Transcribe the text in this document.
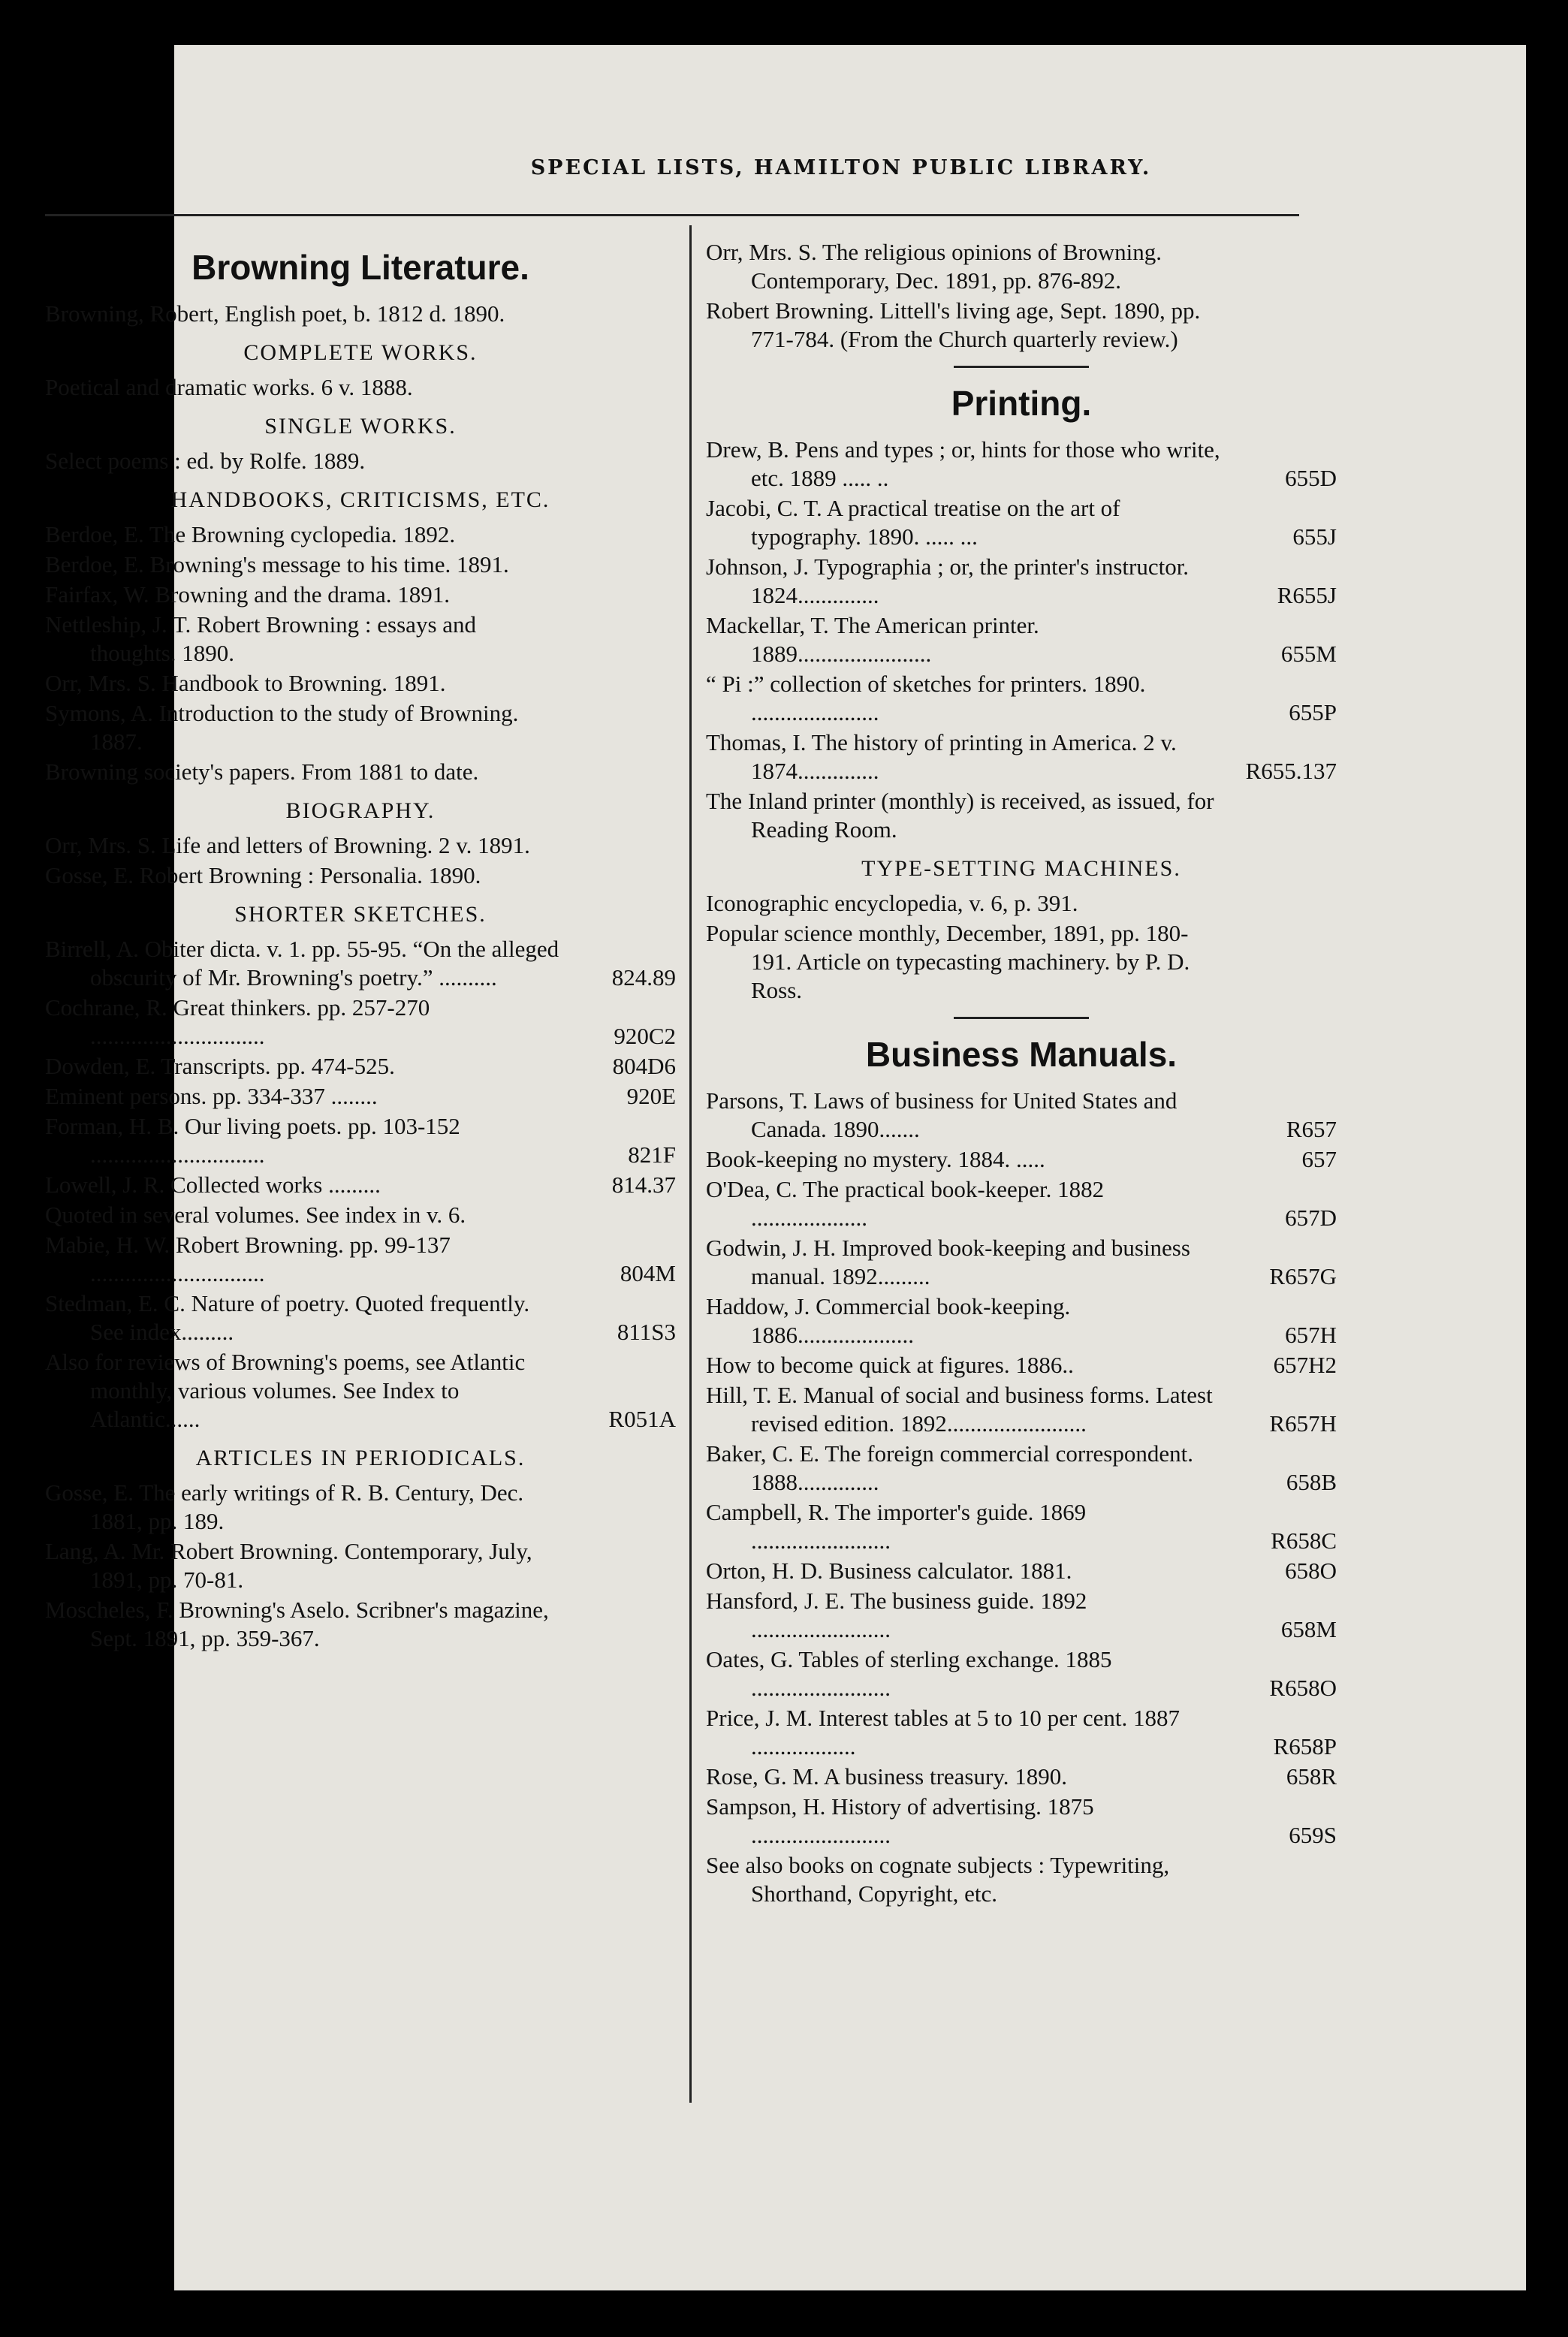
SPECIAL LISTS, HAMILTON PUBLIC LIBRARY.
Browning Literature.
Browning, Robert, English poet, b. 1812 d. 1890.
COMPLETE WORKS.
Poetical and dramatic works. 6 v. 1888.
SINGLE WORKS.
Select poems : ed. by Rolfe. 1889.
HANDBOOKS, CRITICISMS, ETC.
Berdoe, E. The Browning cyclopedia. 1892.
Berdoe, E. Browning's message to his time. 1891.
Fairfax, W. Browning and the drama. 1891.
Nettleship, J. T. Robert Browning : essays and thoughts. 1890.
Orr, Mrs. S. Handbook to Browning. 1891.
Symons, A. Introduction to the study of Browning. 1887.
Browning society's papers. From 1881 to date.
BIOGRAPHY.
Orr, Mrs. S. Life and letters of Browning. 2 v. 1891.
Gosse, E. Robert Browning : Personalia. 1890.
SHORTER SKETCHES.
Birrell, A. Obiter dicta. v. 1. pp. 55-95. “On the alleged obscurity of Mr. Browning's poetry.” ..........	824.89
Cochrane, R. Great thinkers. pp. 257-270 ..............................	920C2
Dowden, E. Transcripts. pp. 474-525.	804D6
Eminent persons. pp. 334-337 ........	920E
Forman, H. B. Our living poets. pp. 103-152 ..............................	821F
Lowell, J. R. Collected works .........	814.37
Quoted in several volumes. See index in v. 6.
Mabie, H. W. Robert Browning. pp. 99-137 ..............................	804M
Stedman, E. C. Nature of poetry. Quoted frequently. See index.........	811S3
Also for reviews of Browning's poems, see Atlantic monthly, various volumes. See Index to Atlantic......	R051A
ARTICLES IN PERIODICALS.
Gosse, E. The early writings of R. B. Century, Dec. 1881, pp. 189.
Lang, A. Mr. Robert Browning. Contemporary, July, 1891, pp. 70-81.
Moscheles, F. Browning's Aselo. Scribner's magazine, Sept. 1891, pp. 359-367.
Orr, Mrs. S. The religious opinions of Browning. Contemporary, Dec. 1891, pp. 876-892.
Robert Browning. Littell's living age, Sept. 1890, pp. 771-784. (From the Church quarterly review.)
Printing.
Drew, B. Pens and types ; or, hints for those who write, etc. 1889 ..... ..	655D
Jacobi, C. T. A practical treatise on the art of typography. 1890. ..... ...	655J
Johnson, J. Typographia ; or, the printer's instructor. 1824..............	R655J
Mackellar, T. The American printer. 1889.......................	655M
“ Pi :” collection of sketches for printers. 1890. ......................	655P
Thomas, I. The history of printing in America. 2 v. 1874..............	R655.137
The Inland printer (monthly) is received, as issued, for Reading Room.
TYPE-SETTING MACHINES.
Iconographic encyclopedia, v. 6, p. 391.
Popular science monthly, December, 1891, pp. 180-191. Article on typecasting machinery. by P. D. Ross.
Business Manuals.
Parsons, T. Laws of business for United States and Canada. 1890.......	R657
Book-keeping no mystery. 1884. .....	657
O'Dea, C. The practical book-keeper. 1882 ....................	657D
Godwin, J. H. Improved book-keeping and business manual. 1892.........	R657G
Haddow, J. Commercial book-keeping. 1886....................	657H
How to become quick at figures. 1886..	657H2
Hill, T. E. Manual of social and business forms. Latest revised edition. 1892........................	R657H
Baker, C. E. The foreign commercial correspondent. 1888..............	658B
Campbell, R. The importer's guide. 1869 ........................	R658C
Orton, H. D. Business calculator. 1881.	658O
Hansford, J. E. The business guide. 1892 ........................	658M
Oates, G. Tables of sterling exchange. 1885 ........................	R658O
Price, J. M. Interest tables at 5 to 10 per cent. 1887 ..................	R658P
Rose, G. M. A business treasury. 1890.	658R
Sampson, H. History of advertising. 1875 ........................	659S
See also books on cognate subjects : Typewriting, Shorthand, Copyright, etc.
